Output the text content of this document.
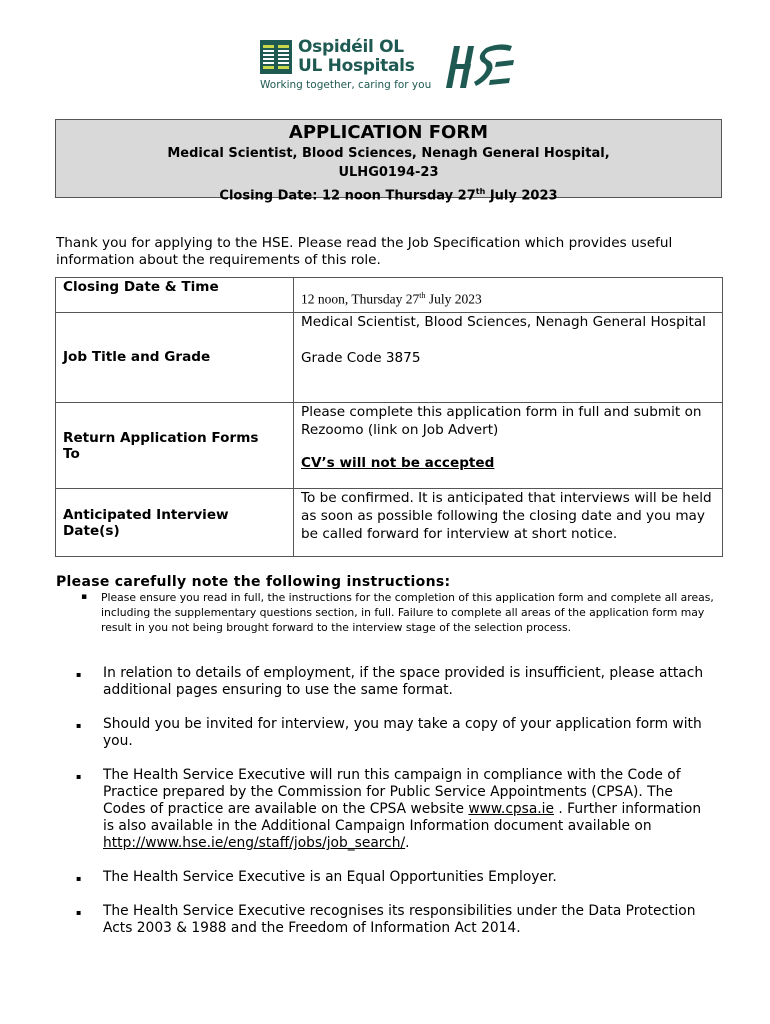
Ospidéil OL
UL Hospitals
Working together, caring for you
APPLICATION FORM
Medical Scientist, Blood Sciences, Nenagh General Hospital,
ULHG0194-23
Closing Date: 12 noon Thursday 27th July 2023
Thank you for applying to the HSE. Please read the Job Specification which provides useful information about the requirements of this role.
Closing Date & Time	12 noon, Thursday 27th July 2023
Job Title and Grade	Medical Scientist, Blood Sciences, Nenagh General Hospital
Grade Code 3875

Return Application Forms To	Please complete this application form in full and submit on Rezoomo (link on Job Advert)
CV’s will not be accepted

Anticipated Interview Date(s)	To be confirmed. It is anticipated that interviews will be held as soon as possible following the closing date and you may be called forward for interview at short notice.
Please carefully note the following instructions:
▪ Please ensure you read in full, the instructions for the completion of this application form and complete all areas, including the supplementary questions section, in full. Failure to complete all areas of the application form may result in you not being brought forward to the interview stage of the selection process.
▪ In relation to details of employment, if the space provided is insufficient, please attach additional pages ensuring to use the same format.
▪ Should you be invited for interview, you may take a copy of your application form with you.
▪ The Health Service Executive will run this campaign in compliance with the Code of Practice prepared by the Commission for Public Service Appointments (CPSA). The Codes of practice are available on the CPSA website www.cpsa.ie . Further information is also available in the Additional Campaign Information document available on http://www.hse.ie/eng/staff/jobs/job_search/.
▪ The Health Service Executive is an Equal Opportunities Employer.
▪ The Health Service Executive recognises its responsibilities under the Data Protection Acts 2003 & 1988 and the Freedom of Information Act 2014.
